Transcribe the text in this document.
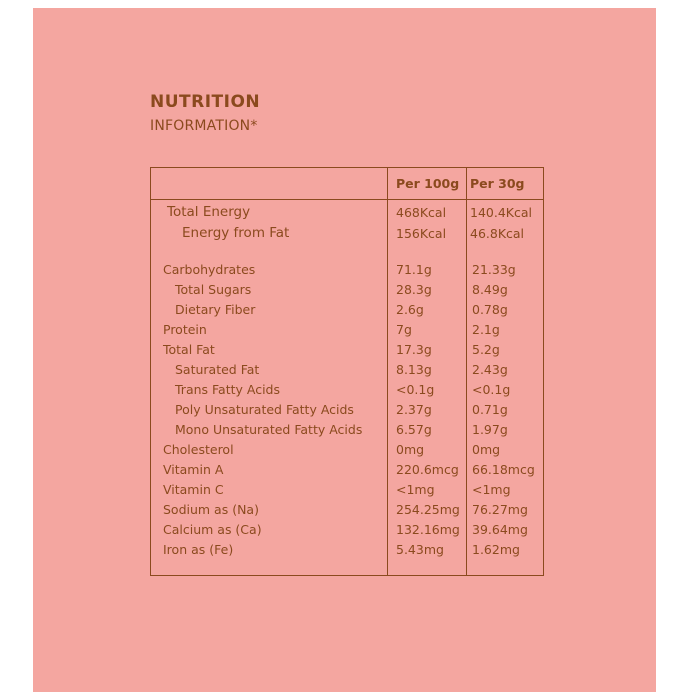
NUTRITION
INFORMATION*
Per 100g Per 30g
Total Energy	468Kcal 140.4Kcal
Energy from Fat	156Kcal 46.8Kcal
Carbohydrates	71.1g	21.33g
Total Sugars	28.3g	8.49g
Dietary Fiber	2.6g	0.78g
Protein	7g	2.1g
Total Fat	17.3g	5.2g
Saturated Fat	8.13g	2.43g
Trans Fatty Acids	<0.1g	<0.1g
Poly Unsaturated Fatty Acids	2.37g	0.71g
Mono Unsaturated Fatty Acids	6.57g	1.97g
Cholesterol	0mg	0mg
Vitamin A	220.6mcg 66.18mcg
Vitamin C	<1mg	<1mg
Sodium as (Na)	254.25mg 76.27mg
Calcium as (Ca)	132.16mg 39.64mg
Iron as (Fe)	5.43mg 1.62mg
